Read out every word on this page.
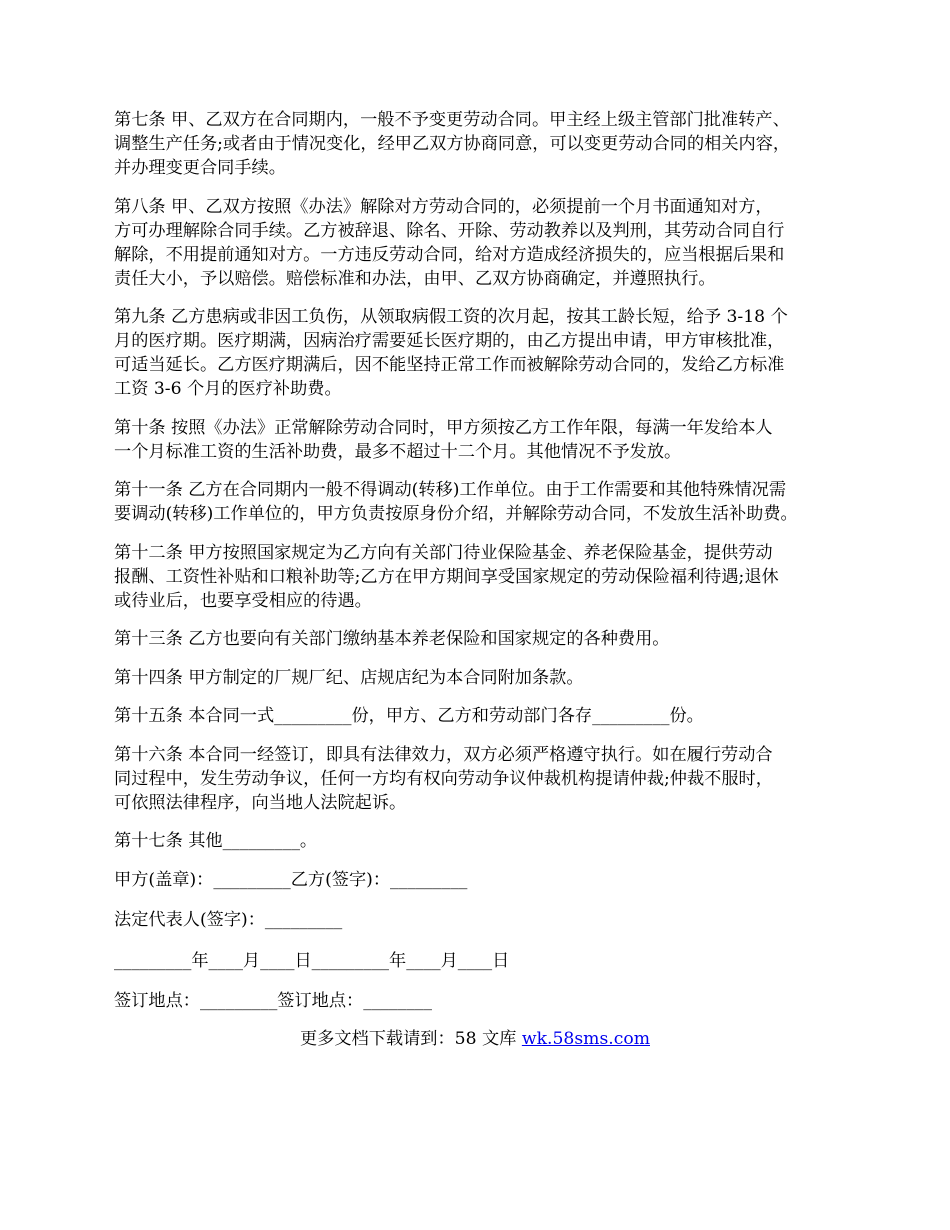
第七条 甲、乙双方在合同期内，一般不予变更劳动合同。甲主经上级主管部门批准转产、
调整生产任务;或者由于情况变化，经甲乙双方协商同意，可以变更劳动合同的相关内容，
并办理变更合同手续。

第八条 甲、乙双方按照《办法》解除对方劳动合同的，必须提前一个月书面通知对方，
方可办理解除合同手续。乙方被辞退、除名、开除、劳动教养以及判刑，其劳动合同自行
解除，不用提前通知对方。一方违反劳动合同，给对方造成经济损失的，应当根据后果和
责任大小，予以赔偿。赔偿标准和办法，由甲、乙双方协商确定，并遵照执行。

第九条 乙方患病或非因工负伤，从领取病假工资的次月起，按其工龄长短，给予 3-18 个
月的医疗期。医疗期满，因病治疗需要延长医疗期的，由乙方提出申请，甲方审核批准，
可适当延长。乙方医疗期满后，因不能坚持正常工作而被解除劳动合同的，发给乙方标准
工资 3-6 个月的医疗补助费。

第十条 按照《办法》正常解除劳动合同时，甲方须按乙方工作年限，每满一年发给本人
一个月标准工资的生活补助费，最多不超过十二个月。其他情况不予发放。

第十一条 乙方在合同期内一般不得调动(转移)工作单位。由于工作需要和其他特殊情况需
要调动(转移)工作单位的，甲方负责按原身份介绍，并解除劳动合同，不发放生活补助费。

第十二条 甲方按照国家规定为乙方向有关部门待业保险基金、养老保险基金，提供劳动
报酬、工资性补贴和口粮补助等;乙方在甲方期间享受国家规定的劳动保险福利待遇;退休
或待业后，也要享受相应的待遇。

第十三条 乙方也要向有关部门缴纳基本养老保险和国家规定的各种费用。

第十四条 甲方制定的厂规厂纪、店规店纪为本合同附加条款。

第十五条 本合同一式_________份，甲方、乙方和劳动部门各存_________份。

第十六条 本合同一经签订，即具有法律效力，双方必须严格遵守执行。如在履行劳动合
同过程中，发生劳动争议，任何一方均有权向劳动争议仲裁机构提请仲裁;仲裁不服时，
可依照法律程序，向当地人法院起诉。

第十七条 其他_________。

甲方(盖章)：_________乙方(签字)：_________

法定代表人(签字)：_________

_________年____月____日_________年____月____日

签订地点：_________签订地点：________

更多文档下载请到：58 文库 wk.58sms.com
